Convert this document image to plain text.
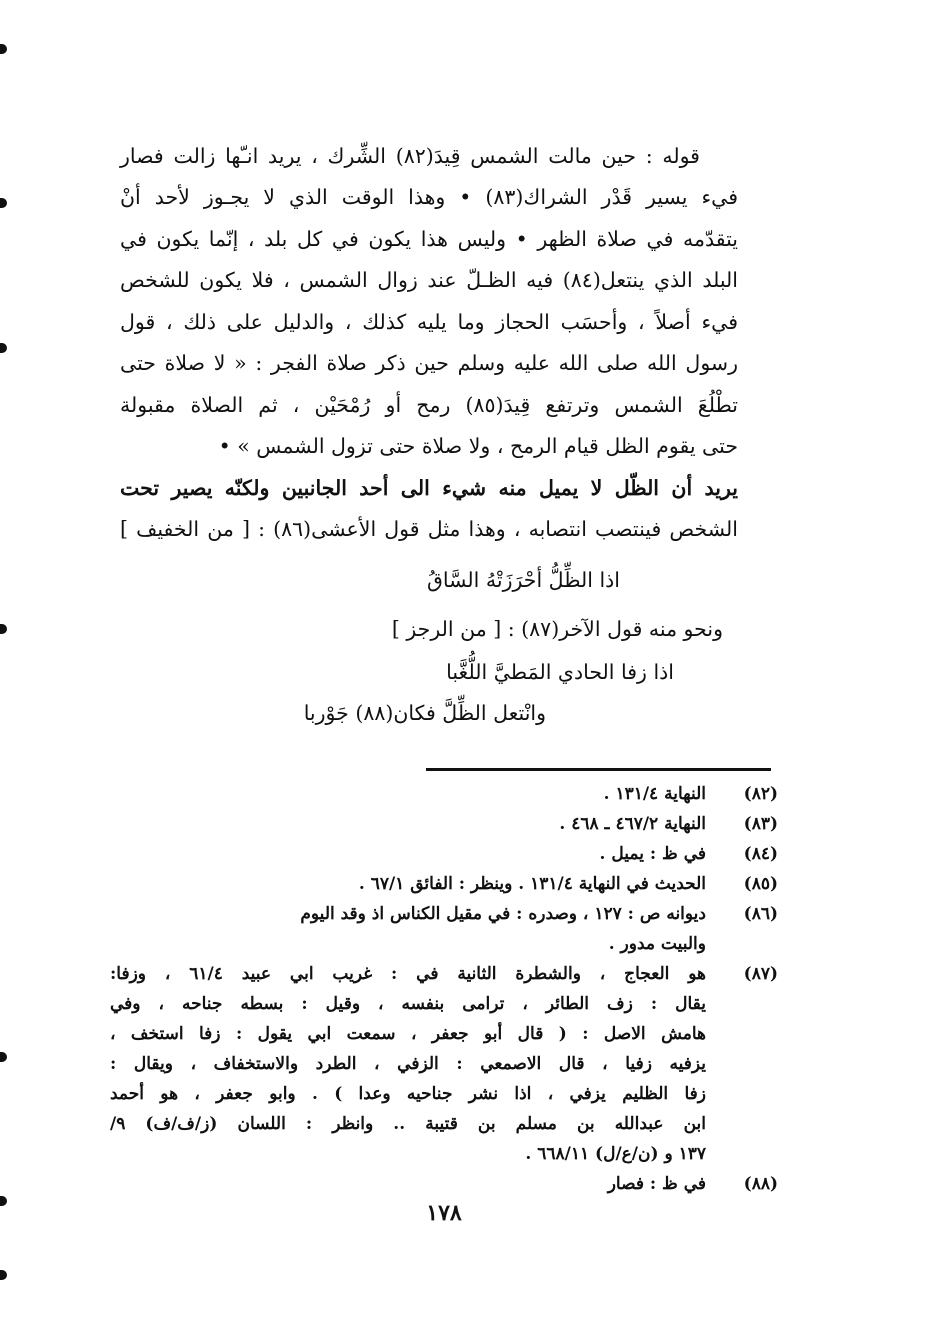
قوله : حين مالت الشمس قِيدَ(٨٢) الشِّرك ، يريد انـّها زالت فصار
فيء يسير قَدْر الشراك(٨٣) • وهذا الوقت الذي لا يجـوز لأحد أنْ
يتقدّمه في صلاة الظهر • وليس هذا يكون في كل بلد ، إنّما يكون في
البلد الذي ينتعل(٨٤) فيه الظـلّ عند زوال الشمس ، فلا يكون للشخص
فيء أصلاً ، وأحسَب الحجاز وما يليه كذلك ، والدليل على ذلك ، قول
رسول الله صلى الله عليه وسلم حين ذكر صلاة الفجر : « لا صلاة حتى
تطْلُعَ الشمس وترتفع قِيدَ(٨٥) رمح أو رُمْحَيْن ، ثم الصلاة مقبولة
حتى يقوم الظل قيام الرمح ، ولا صلاة حتى تزول الشمس » •
يريد أن الظّل لا يميل منه شيء الى أحد الجانبين ولكنّه يصير تحت
الشخص فينتصب انتصابه ، وهذا مثل قول الأعشى(٨٦) : [ من الخفيف ]
اذا الظِّلُّ أحْرَزَتْهُ السَّاقُ
ونحو منه قول الآخر(٨٧) : [ من الرجز ]
اذا زفا الحادي المَطيَّ اللُّغَّبا
وانْتعل الظِّلَّ فكان(٨٨) جَوْربا
(٨٢)
النهاية ١٣١/٤ .
(٨٣)
النهاية ٤٦٧/٢ ـ ٤٦٨ .
(٨٤)
في ظ : يميل .
(٨٥)
الحديث في النهاية ١٣١/٤ . وينظر : الفائق ٦٧/١ .
(٨٦)
ديوانه ص : ١٢٧ ، وصدره : في مقيل الكناس اذ وقد اليوم
والبيت مدور .
(٨٧)
هو العجاج ، والشطرة الثانية في : غريب ابي عبيد ٦١/٤ ، وزفا:
يقال : زف الطائر ، ترامى بنفسه ، وقيل : بسطه جناحه ، وفي
هامش الاصل : ( قال أبو جعفر ، سمعت ابي يقول : زفا استخف ،
يزفيه زفيا ، قال الاصمعي : الزفي ، الطرد والاستخفاف ، ويقال :
زفا الظليم يزفي ، اذا نشر جناحيه وعدا ) . وابو جعفر ، هو أحمد
ابن عبدالله بن مسلم بن قتيبة .. وانظر : اللسان (ز/ف/ف) ٩/
١٣٧ و (ن/ع/ل) ٦٦٨/١١ .
(٨٨)
في ظ : فصار
١٧٨
